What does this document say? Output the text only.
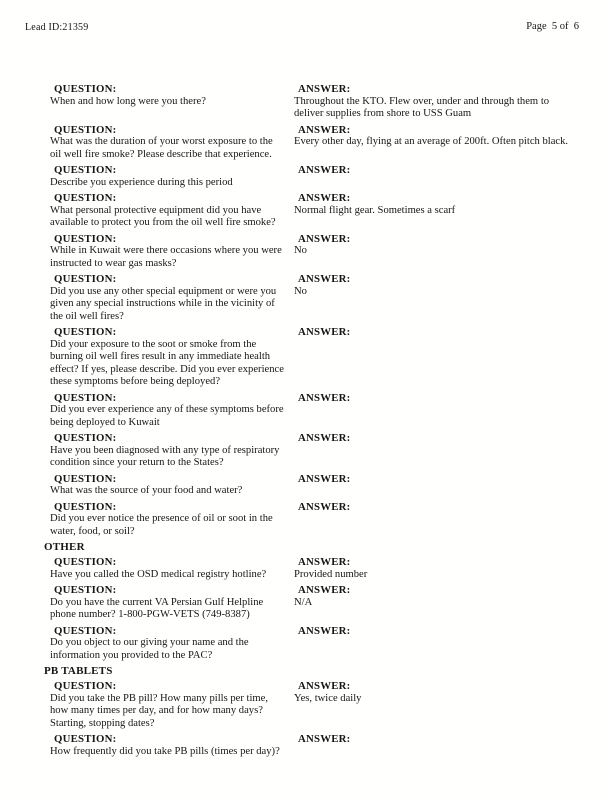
Lead ID:21359	Page  5 of  6
QUESTION:
When and how long were you there?
ANSWER:
Throughout the KTO. Flew over, under and through them to deliver supplies from shore to USS Guam
QUESTION:
What was the duration of your worst exposure to the oil well fire smoke? Please describe that experience.
ANSWER:
Every other day, flying at an average of 200ft. Often pitch black.
QUESTION:
Describe you experience during this period
ANSWER:
QUESTION:
What personal protective equipment did you have available to protect you from the oil well fire smoke?
ANSWER:
Normal flight gear. Sometimes a scarf
QUESTION:
While in Kuwait were there occasions where you were instructed to wear gas masks?
ANSWER:
No
QUESTION:
Did you use any other special equipment or were you given any special instructions while in the vicinity of the oil well fires?
ANSWER:
No
QUESTION:
Did your exposure to the soot or smoke from the burning oil well fires result in any immediate health effect? If yes, please describe. Did you ever experience these symptoms before being deployed?
ANSWER:
QUESTION:
Did you ever experience any of these symptoms before being deployed to Kuwait
ANSWER:
QUESTION:
Have you been diagnosed with any type of respiratory condition since your return to the States?
ANSWER:
QUESTION:
What was the source of your food and water?
ANSWER:
QUESTION:
Did you ever notice the presence of oil or soot in the water, food, or soil?
ANSWER:
OTHER
QUESTION:
Have you called the OSD medical registry hotline?
ANSWER:
Provided number
QUESTION:
Do you have the current VA Persian Gulf Helpline phone number? 1-800-PGW-VETS (749-8387)
ANSWER:
N/A
QUESTION:
Do you object to our giving your name and the information you provided to the PAC?
ANSWER:
PB TABLETS
QUESTION:
Did you take the PB pill? How many pills per time, how many times per day, and for how many days? Starting, stopping dates?
ANSWER:
Yes, twice daily
QUESTION:
How frequently did you take PB pills (times per day)?
ANSWER:
